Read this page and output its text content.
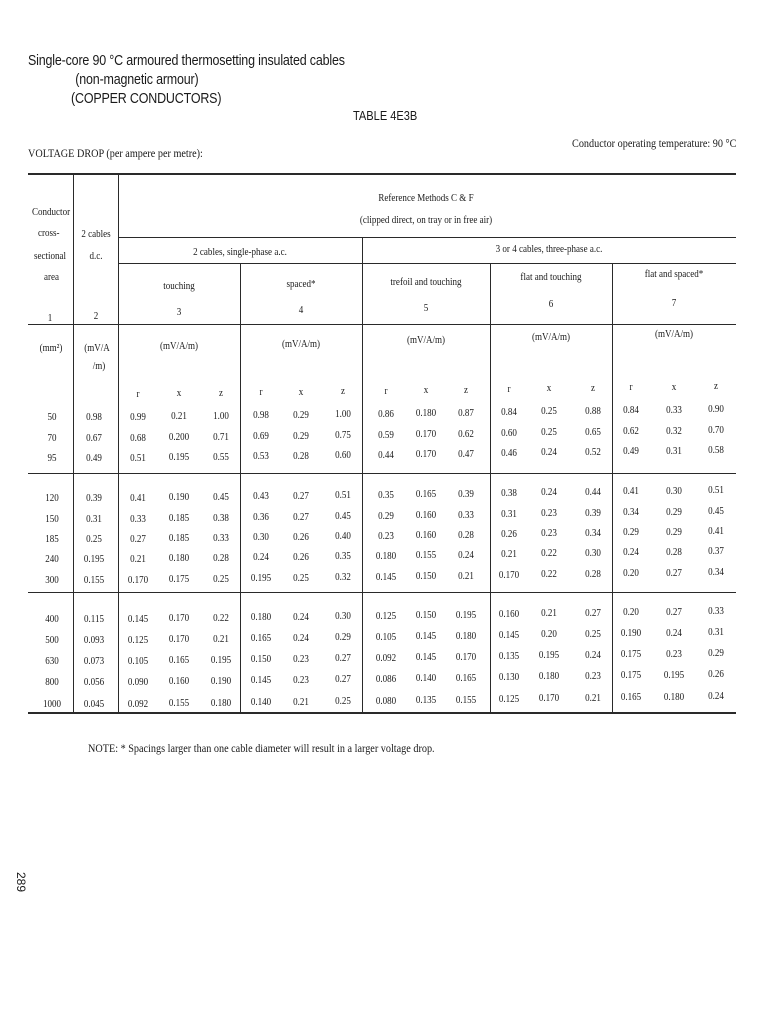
Single-core 90 °C armoured thermosetting insulated cables
(non-magnetic armour)
(COPPER CONDUCTORS)
TABLE 4E3B
VOLTAGE DROP (per ampere per metre):
Conductor operating temperature: 90 °C
Conductor
cross-
sectional
area
2 cables
d.c.
Reference Methods C & F
(clipped direct, on tray or in free air)
2 cables, single-phase a.c.	3 or 4 cables, three-phase a.c.
touching	spaced*	trefoil and touching	flat and touching	flat and spaced*
1	2	3	4	5	6	7
(mm²) (mV/A
/m)
(mV/A/m)	(mV/A/m)	(mV/A/m)	(mV/A/m)	(mV/A/m)
r	x	z	r	x	z	r	x	z	r	x	z	r	x	z
50	0.98	0.99 0.21 1.00 0.98 0.29 1.00 0.86 0.180 0.87 0.84 0.25	0.88 0.84 0.33 0.90
70	0.67	0.68 0.200 0.71 0.69 0.29 0.75 0.59 0.170 0.62 0.60 0.25	0.65 0.62 0.32 0.70
95	0.49	0.51 0.195 0.55 0.53 0.28 0.60 0.44 0.170 0.47 0.46 0.24	0.52 0.49 0.31 0.58
120 0.39	0.41 0.190 0.45 0.43 0.27 0.51 0.35 0.165 0.39 0.38 0.24	0.44 0.41 0.30 0.51
150 0.31	0.33 0.185 0.38 0.36 0.27 0.45 0.29 0.160 0.33 0.31 0.23	0.39 0.34 0.29 0.45
185 0.25	0.27 0.185 0.33 0.30 0.26 0.40 0.23 0.160 0.28 0.26 0.23	0.34 0.29 0.29 0.41
240 0.195 0.21 0.180 0.28 0.24 0.26 0.35 0.180 0.155 0.24 0.21 0.22	0.30 0.24 0.28 0.37
300 0.155 0.170 0.175 0.25 0.195 0.25 0.32 0.145 0.150 0.21 0.170 0.22	0.28 0.20 0.27 0.34
400 0.115 0.145 0.170 0.22 0.180 0.24 0.30 0.125 0.150 0.195 0.160 0.21	0.27 0.20 0.27 0.33
500 0.093 0.125 0.170 0.21 0.165 0.24 0.29 0.105 0.145 0.180 0.145 0.20	0.25 0.190 0.24 0.31
630 0.073 0.105 0.165 0.195 0.150 0.23 0.27 0.092 0.145 0.170 0.135 0.195 0.24 0.175 0.23 0.29
800 0.056 0.090 0.160 0.190 0.145 0.23 0.27 0.086 0.140 0.165 0.130 0.180 0.23 0.175 0.195 0.26
1000 0.045 0.092 0.155 0.180 0.140 0.21 0.25 0.080 0.135 0.155 0.125 0.170 0.21 0.165 0.180 0.24
NOTE: * Spacings larger than one cable diameter will result in a larger voltage drop.
289
